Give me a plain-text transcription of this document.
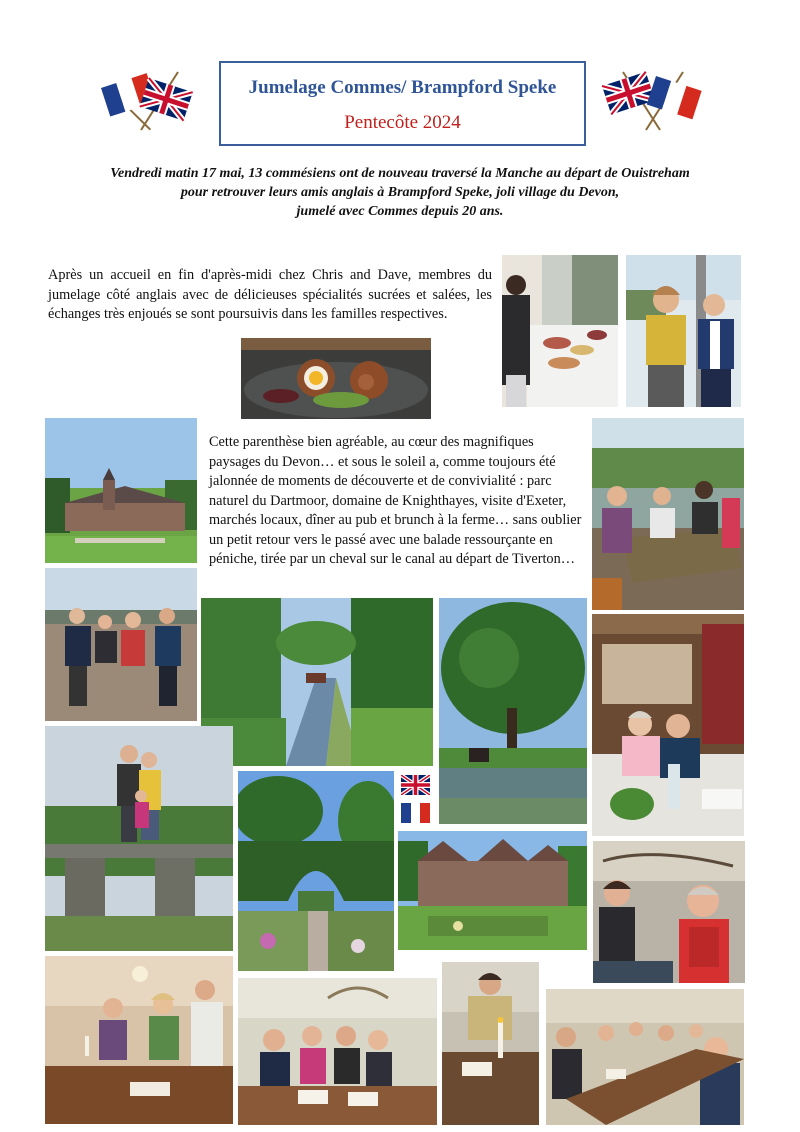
Jumelage Commes/ Brampford Speke
Pentecôte 2024
Vendredi matin 17 mai, 13 commésiens ont de nouveau traversé la Manche au départ de Ouistreham
pour retrouver leurs amis anglais à Brampford Speke, joli village du Devon,
jumelé avec Commes depuis 20 ans.

Après un accueil en fin d'après-midi chez Chris and Dave, membres du jumelage côté anglais avec de délicieuses spécialités sucrées et salées, les échanges très enjoués se sont poursuivis dans les familles respectives.

Cette parenthèse bien agréable, au cœur des magnifiques paysages du Devon… et sous le soleil a, comme toujours été jalonnée de moments de découverte et de convivialité : parc naturel du Dartmoor, domaine de Knighthayes, visite d'Exeter, marchés locaux, dîner au pub et brunch à la ferme… sans oublier un petit retour vers le passé avec une balade ressourçante en péniche, tirée par un cheval sur le canal au départ de Tiverton…
